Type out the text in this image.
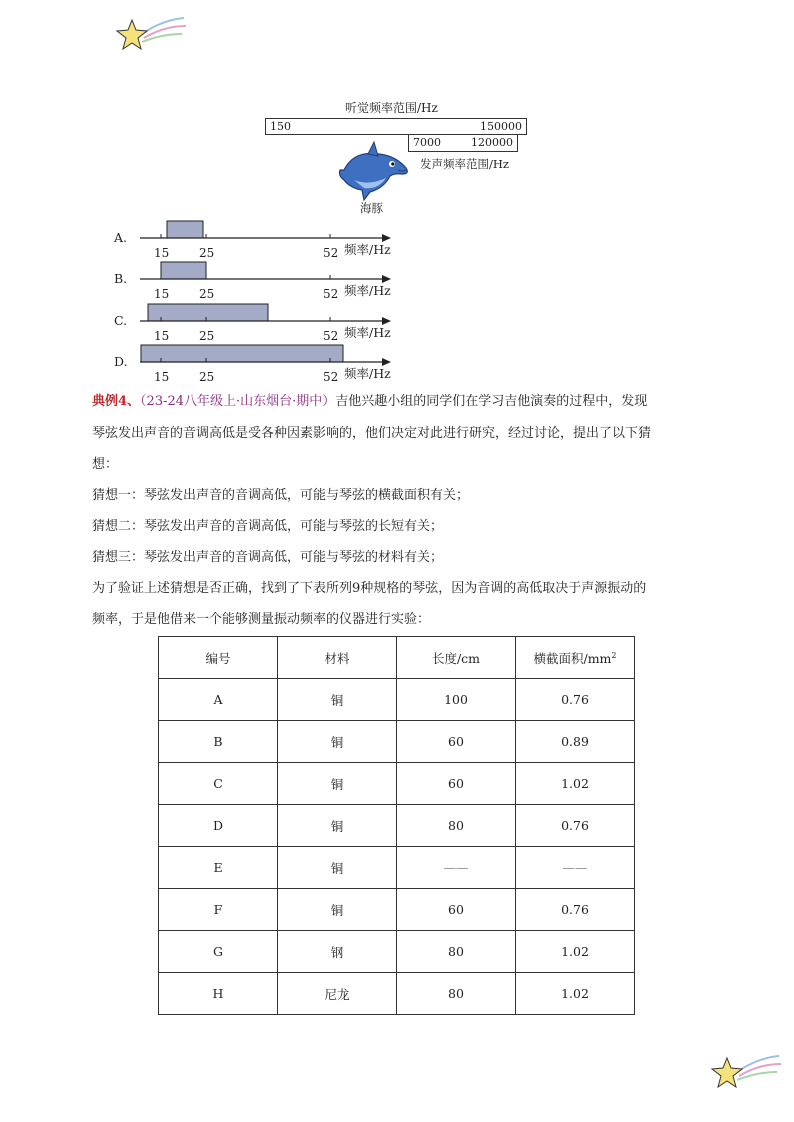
听觉频率范围/Hz
150	150000
7000	120000
发声频率范围/Hz
海豚
A.
15 25	52 频率/Hz
B.
15 25	52 频率/Hz
C.
15 25	52 频率/Hz
D.
15 25	52 频率/Hz
典例4、（23-24八年级上·山东烟台·期中）吉他兴趣小组的同学们在学习吉他演奏的过程中，发现
琴弦发出声音的音调高低是受各种因素影响的，他们决定对此进行研究，经过讨论，提出了以下猜
想：
猜想一：琴弦发出声音的音调高低，可能与琴弦的横截面积有关；
猜想二：琴弦发出声音的音调高低，可能与琴弦的长短有关；
猜想三：琴弦发出声音的音调高低，可能与琴弦的材料有关；
为了验证上述猜想是否正确，找到了下表所列9种规格的琴弦，因为音调的高低取决于声源振动的
频率，于是他借来一个能够测量振动频率的仪器进行实验：
编号	材料	长度/cm	横截面积$/mm^2$
A	铜	100	0.76
B	铜	60	0.89
C	铜	60	1.02
D	铜	80	0.76
E	铜	——	——
F	铜	60	0.76
G	钢	80	1.02
H	尼龙	80	1.02
